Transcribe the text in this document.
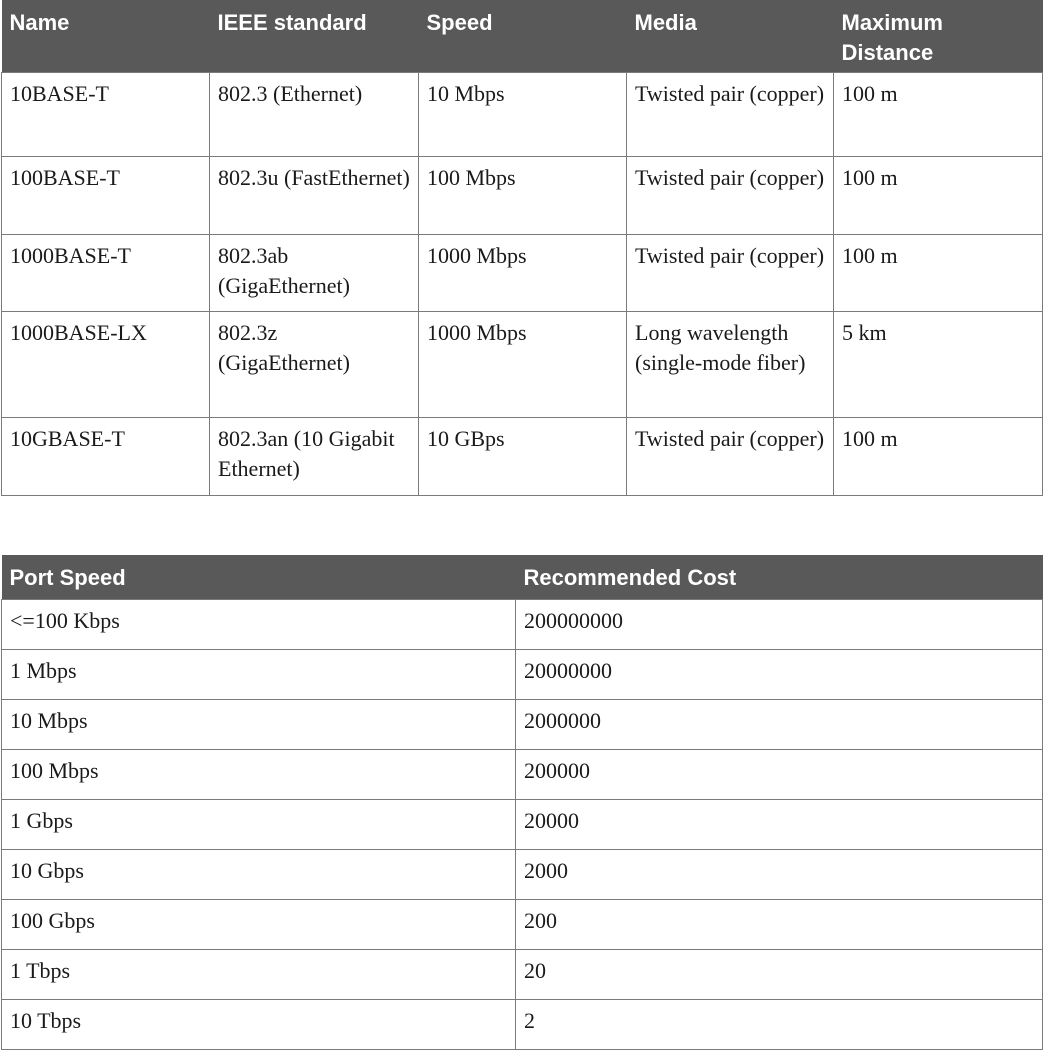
Name	IEEE standard	Speed	Media	Maximum Distance
10BASE-T	802.3 (Ethernet)	10 Mbps	Twisted pair (copper)	100 m
100BASE-T	802.3u (FastEthernet)	100 Mbps	Twisted pair (copper)	100 m
1000BASE-T	802.3ab (GigaEthernet)	1000 Mbps	Twisted pair (copper)	100 m
1000BASE-LX	802.3z (GigaEthernet)	1000 Mbps	Long wavelength (single-mode fiber)	5 km
10GBASE-T	802.3an (10 Gigabit Ethernet)	10 GBps	Twisted pair (copper)	100 m
Port Speed	Recommended Cost
<=100 Kbps	200000000
1 Mbps	20000000
10 Mbps	2000000
100 Mbps	200000
1 Gbps	20000
10 Gbps	2000
100 Gbps	200
1 Tbps	20
10 Tbps	2
